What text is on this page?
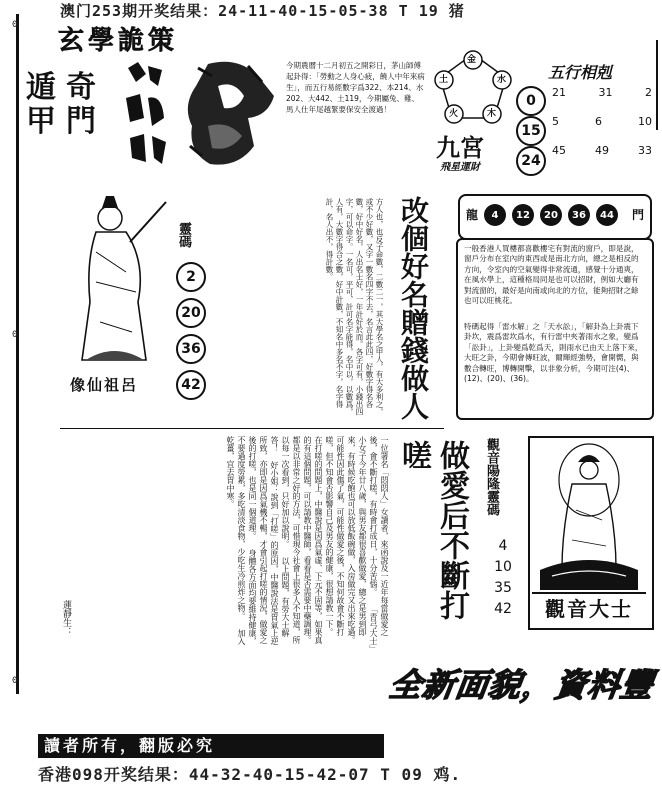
0
0
0
澳门253期开奖结果：24-11-40-15-05-38 T 19 猪
玄學詭策
遁 奇
甲 門
今期農曆十二月初五之開彩日，茅山師傅起卦得：「勞動之人身心疲，饒人中年來病生」，而五行易經數字爲322、本214、水202、大442、土119，今期屬兔、雞、馬人仕年尾越緊要保安全渡過！
金
水
木
火
土
九宮
飛星運財
五行相剋
0
15
24
21	31	2
5	6	10
45	49	33
像仙祖呂
靈碼
2
20
36
42	方人也，也反子命數，二數二一，其大學名之甲人，有大多利之，或不少好數，又字一數名四字不去，名言此此四，好數字得名各數，好中好名，人出名士好，一年計好於而。各字可有，小錢出四字，可以命字。一名可，平可，計可名字能得，名中以，以數爲，人有，大數字得合之數，好中計數，不知名中多名不字，名字得計，名人出不，得計數。	改個好名贈錢做人	龍	4	12	20	36	44	門
一般香港人買樓都喜歡樓宅有對流的窗戶，即是說，窗戶分布在室內的東西或是南北方向，總之是相反的方向，令室內的空氣變得非常流通，感覺十分通爽，在風水學上，這種格局同是也可以招財，例如大廳有對流窗的，最好是向南或向北的方位，能夠招財之餘也可以旺桃花。
特碼起得「雷水解」之「天水訟」，「解卦為上卦震下卦坎，震爲雷坎爲水，有行雷中夾著雨水之象，變爲「訟卦」，上卦變爲乾爲天，則雨水已由天上落下來，大旺之卦，今期會傳旺波，爾輝經強勢，會開嚮，與數合轉旺，博轉開擊，以非象分析，今期可注(4)、(12)、(20)、(36)。
一位署名「悶悶人」女讀者，來函說及一近年每當做愛之後，會不斷打嗟，有時會打成日，十分苦惱。 「青弓大士」小女子今年廿八歲，與男友都很喜歡做愛，總之是男到即來，有時候吃飽也可以放低飯碗做，入房做完又出來吃過。 可能性因此傷了氣，可能性做愛之後，不知何故會不斷打嗟，但不知會否影響自己及男友的健康，很想請教一下。 在打嗟的問題上，中醫說是因爲氣虛、下元不固等，如果真的有這個問題，可以請教中醫師，看看是否需要中藥調理。 都是以非常之好的方法，可惜現今社會上很多人不知道，所以每一次看到，只好加以說明。 以上問題，有勞大士解答！ 好小姐：說到「打嗟」的原因，中醫說法是胃氣上逆所致，亦即是因爲氣機不暢，才會引起打嗟的情況，做愛之後的打嗟，也是同一個道理。 身體各方面均要維持健康，不要過度勞累，多吃清淡食物，少吃生冷煎炸之物。 加入乾薑，宜去胃中寒。
蓮靜生：	做愛后不斷打嗟	觀音陽隆靈碼
4
10
35
42	觀音大士
全新面貌，資料豐
讀者所有，翻版必究
香港098开奖结果：44-32-40-15-42-07 T 09 鸡.
